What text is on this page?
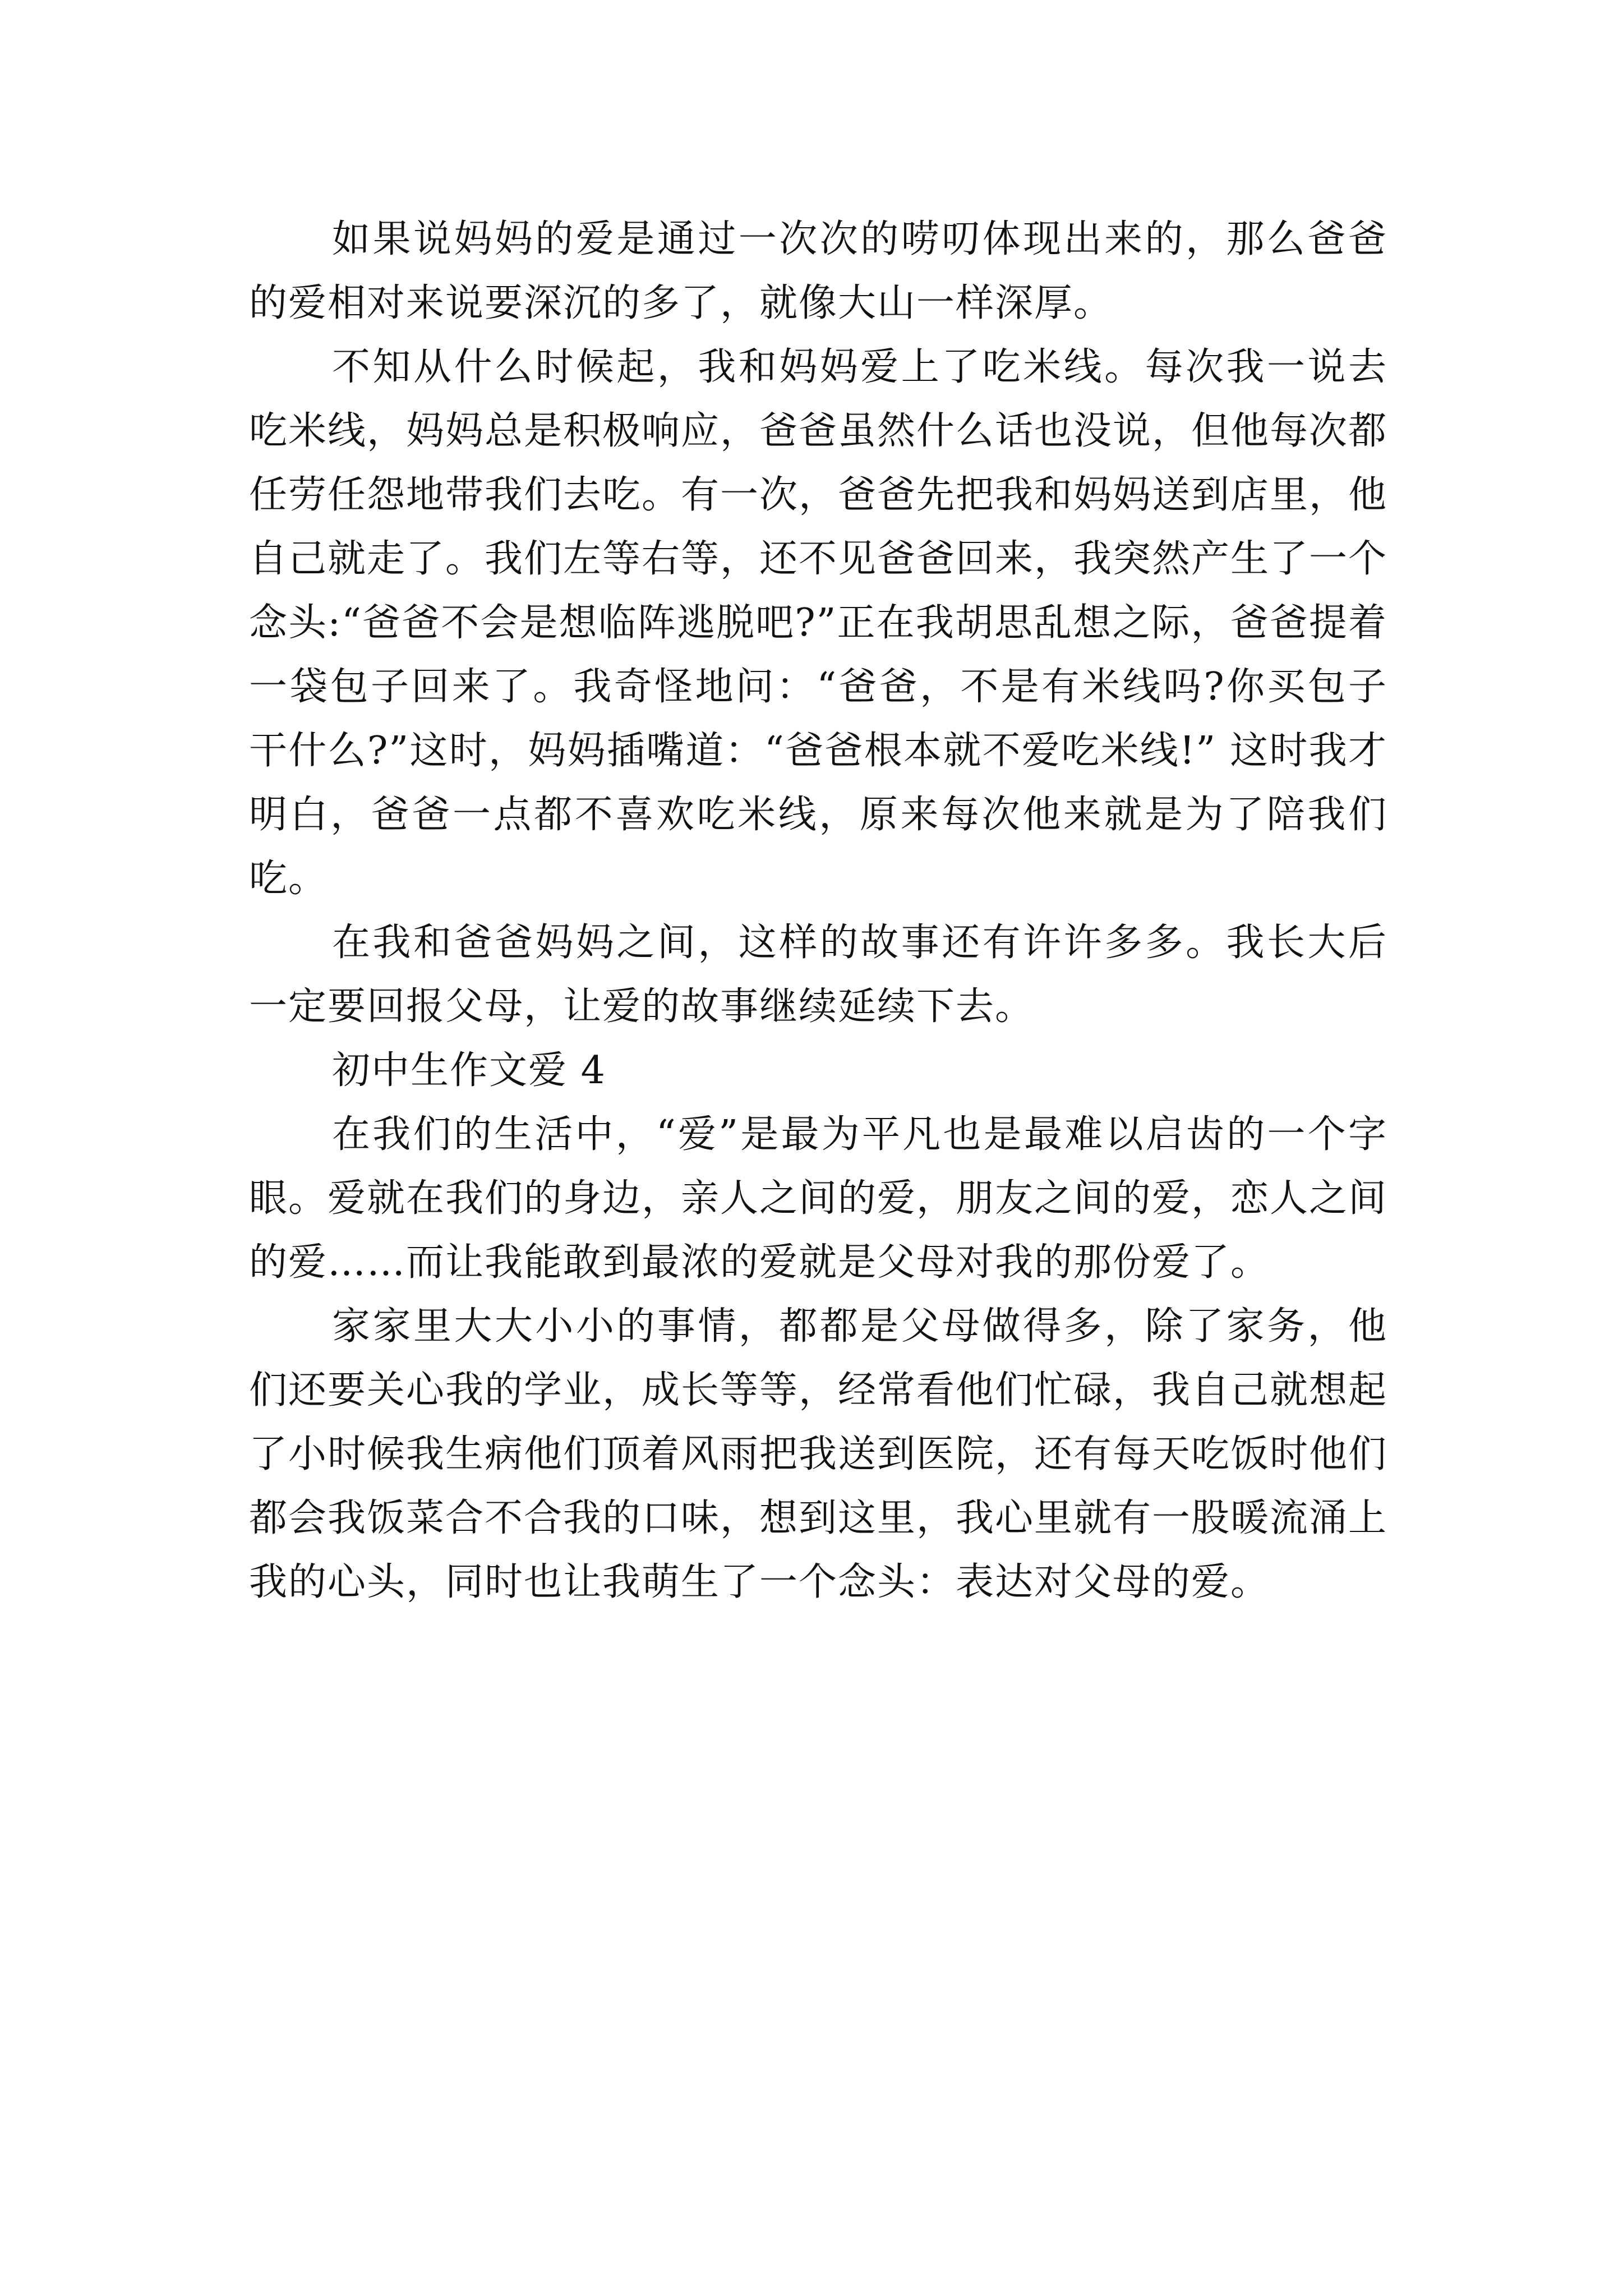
如果说妈妈的爱是通过一次次的唠叨体现出来的，那么爸爸的爱相对来说要深沉的多了，就像大山一样深厚。

不知从什么时候起，我和妈妈爱上了吃米线。每次我一说去吃米线，妈妈总是积极响应，爸爸虽然什么话也没说，但他每次都任劳任怨地带我们去吃。有一次，爸爸先把我和妈妈送到店里，他自己就走了。我们左等右等，还不见爸爸回来，我突然产生了一个念头:“爸爸不会是想临阵逃脱吧?”正在我胡思乱想之际，爸爸提着一袋包子回来了。我奇怪地问：“爸爸，不是有米线吗?你买包子干什么?”这时，妈妈插嘴道：“爸爸根本就不爱吃米线!” 这时我才明白，爸爸一点都不喜欢吃米线，原来每次他来就是为了陪我们吃。

在我和爸爸妈妈之间，这样的故事还有许许多多。我长大后一定要回报父母，让爱的故事继续延续下去。

初中生作文爱 4

在我们的生活中，“爱”是最为平凡也是最难以启齿的一个字眼。爱就在我们的身边，亲人之间的爱，朋友之间的爱，恋人之间的爱……而让我能敢到最浓的爱就是父母对我的那份爱了。

家家里大大小小的事情，都都是父母做得多，除了家务，他们还要关心我的学业，成长等等，经常看他们忙碌，我自己就想起了小时候我生病他们顶着风雨把我送到医院，还有每天吃饭时他们都会我饭菜合不合我的口味，想到这里，我心里就有一股暖流涌上我的心头，同时也让我萌生了一个念头：表达对父母的爱。
